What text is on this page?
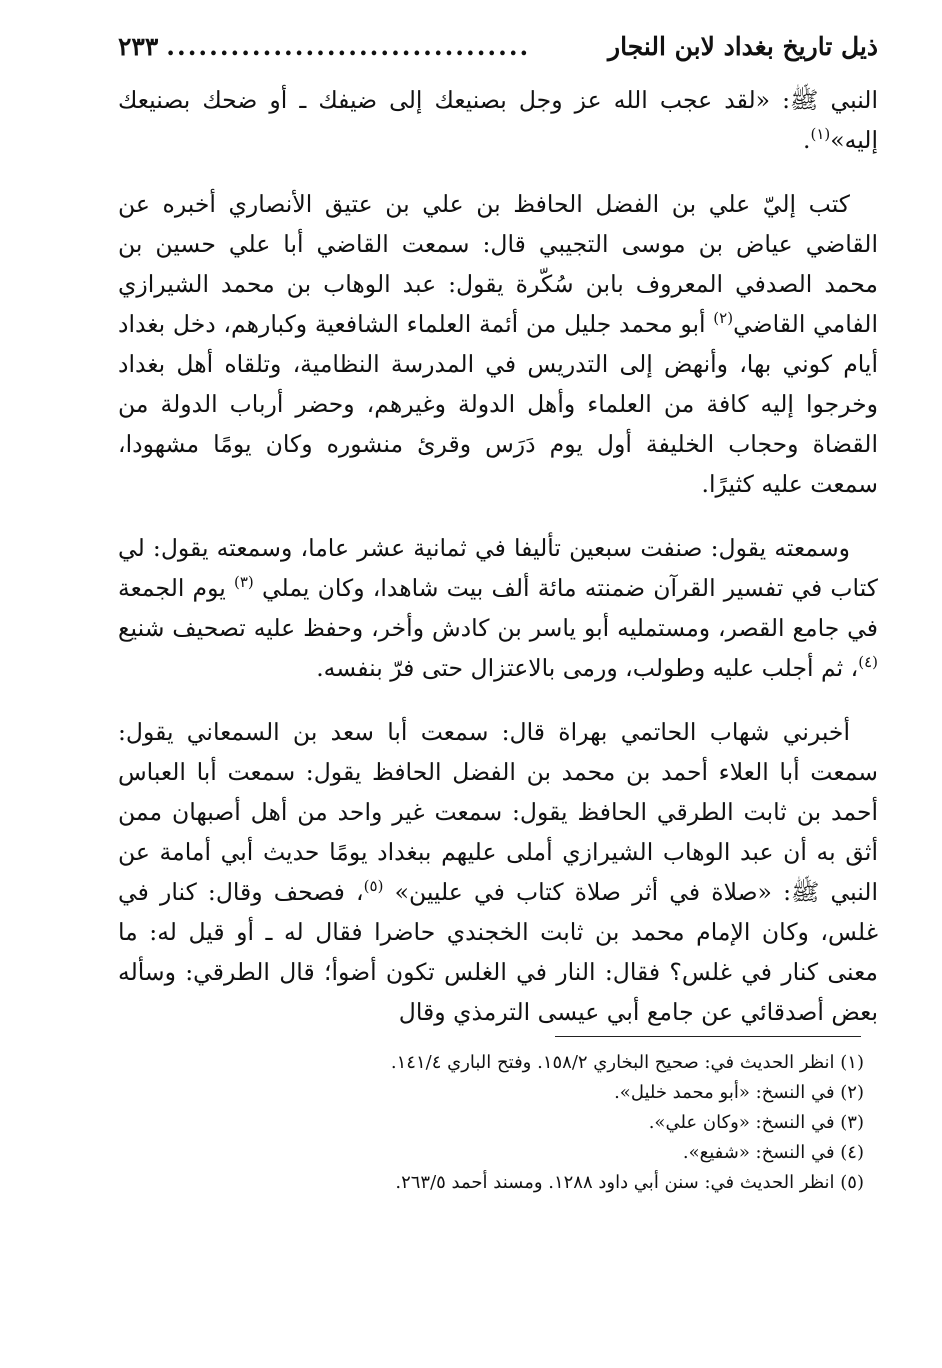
ذيل تاريخ بغداد لابن النجار
..................................
٢٣٣

النبي ﷺ: «لقد عجب الله عز وجل بصنيعك إلى ضيفك ـ أو ضحك بصنيعك إليه»$^{(١)}$.

كتب إليّ علي بن الفضل الحافظ بن علي بن عتيق الأنصاري أخبره عن القاضي عياض بن موسى التجيبي قال: سمعت القاضي أبا علي حسين بن محمد الصدفي المعروف بابن سُكّرة يقول: عبد الوهاب بن محمد الشيرازي الفامي القاضي$^{(٢)}$ أبو محمد جليل من أئمة العلماء الشافعية وكبارهم، دخل بغداد أيام كوني بها، وأنهض إلى التدريس في المدرسة النظامية، وتلقاه أهل بغداد وخرجوا إليه كافة من العلماء وأهل الدولة وغيرهم، وحضر أرباب الدولة من القضاة وحجاب الخليفة أول يوم دَرَس وقرئ منشوره وكان يومًا مشهودا، سمعت عليه كثيرًا.

وسمعته يقول: صنفت سبعين تأليفا في ثمانية عشر عاما، وسمعته يقول: لي كتاب في تفسير القرآن ضمنته مائة ألف بيت شاهدا، وكان يملي $^{(٣)}$ يوم الجمعة في جامع القصر، ومستمليه أبو ياسر بن كادش وأخر، وحفظ عليه تصحيف شنيع $^{(٤)}$، ثم أجلب عليه وطولب، ورمى بالاعتزال حتى فرّ بنفسه.

أخبرني شهاب الحاتمي بهراة قال: سمعت أبا سعد بن السمعاني يقول: سمعت أبا العلاء أحمد بن محمد بن الفضل الحافظ يقول: سمعت أبا العباس أحمد بن ثابت الطرقي الحافظ يقول: سمعت غير واحد من أهل أصبهان ممن أثق به أن عبد الوهاب الشيرازي أملى عليهم ببغداد يومًا حديث أبي أمامة عن النبي ﷺ: «صلاة في أثر صلاة كتاب في عليين» $^{(٥)}$، فصحف وقال: كنار في غلس، وكان الإمام محمد بن ثابت الخجندي حاضرا فقال له ـ أو قيل له: ما معنى كنار في غلس؟ فقال: النار في الغلس تكون أضوأ؛ قال الطرقي: وسأله بعض أصدقائي عن جامع أبي عيسى الترمذي وقال

(١) انظر الحديث في: صحيح البخاري ١٥٨/٢. وفتح الباري ١٤١/٤.
(٢) في النسخ: «أبو محمد خليل».
(٣) في النسخ: «وكان علي».
(٤) في النسخ: «شفيع».
(٥) انظر الحديث في: سنن أبي داود ١٢٨٨. ومسند أحمد ٢٦٣/٥.
